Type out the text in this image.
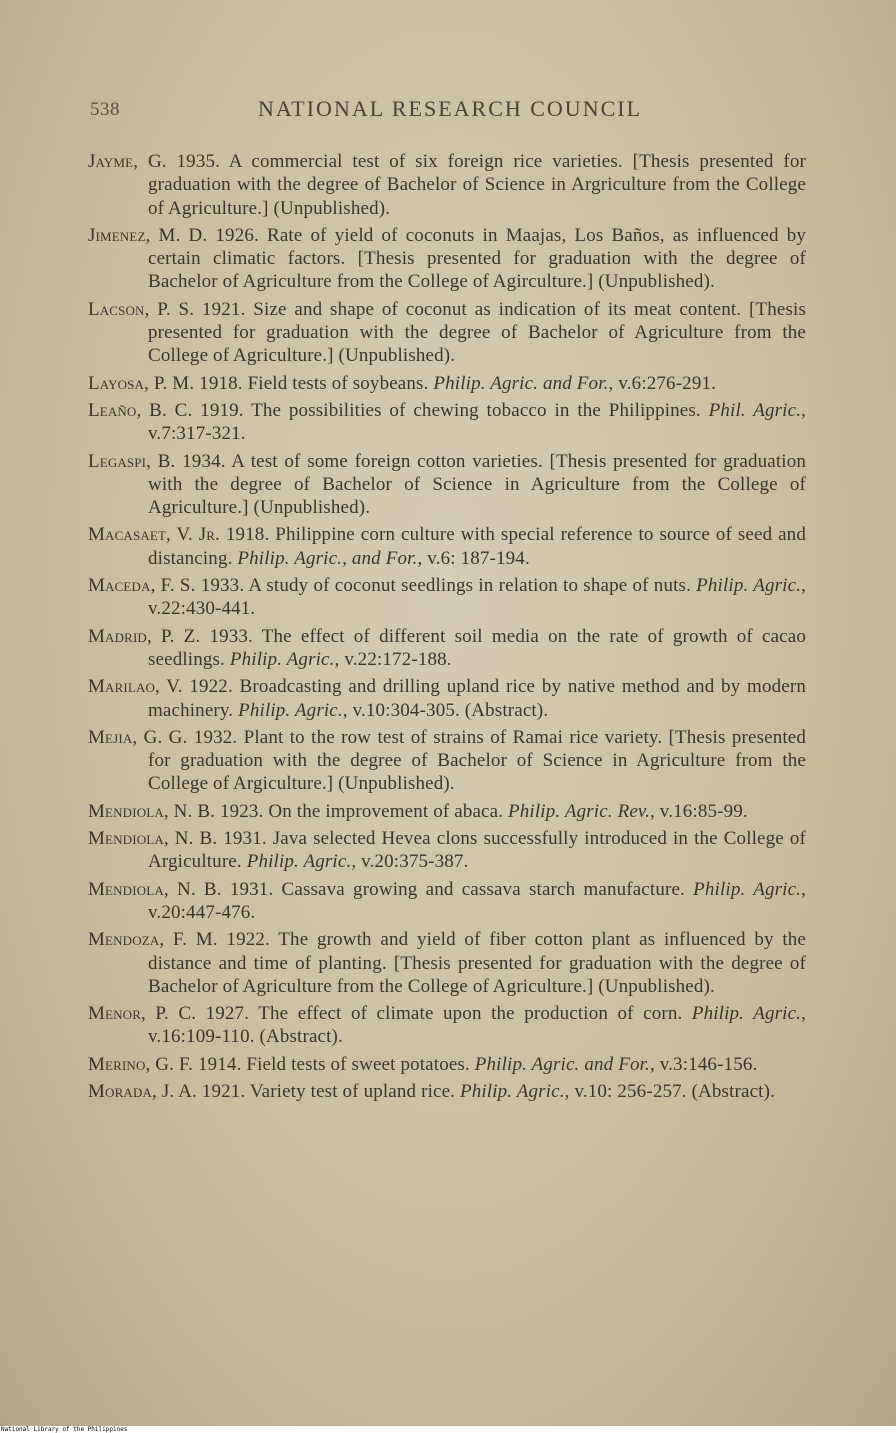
538	NATIONAL RESEARCH COUNCIL

Jayme, G. 1935. A commercial test of six foreign rice varieties. [Thesis presented for graduation with the degree of Bachelor of Science in Argriculture from the College of Agriculture.] (Unpublished).

Jimenez, M. D. 1926. Rate of yield of coconuts in Maajas, Los Baños, as influenced by certain climatic factors. [Thesis presented for graduation with the degree of Bachelor of Agriculture from the College of Agirculture.] (Unpublished).

Lacson, P. S. 1921. Size and shape of coconut as indication of its meat content. [Thesis presented for graduation with the degree of Bachelor of Agriculture from the College of Agriculture.] (Unpublished).

Layosa, P. M. 1918. Field tests of soybeans. Philip. Agric. and For., v.6:276-291.

Leaño, B. C. 1919. The possibilities of chewing tobacco in the Philippines. Phil. Agric., v.7:317-321.

Legaspi, B. 1934. A test of some foreign cotton varieties. [Thesis presented for graduation with the degree of Bachelor of Science in Agriculture from the College of Agriculture.] (Unpublished).

Macasaet, V. Jr. 1918. Philippine corn culture with special reference to source of seed and distancing. Philip. Agric., and For., v.6: 187-194.

Maceda, F. S. 1933. A study of coconut seedlings in relation to shape of nuts. Philip. Agric., v.22:430-441.

Madrid, P. Z. 1933. The effect of different soil media on the rate of growth of cacao seedlings. Philip. Agric., v.22:172-188.

Marilao, V. 1922. Broadcasting and drilling upland rice by native method and by modern machinery. Philip. Agric., v.10:304-305. (Abstract).

Mejia, G. G. 1932. Plant to the row test of strains of Ramai rice variety. [Thesis presented for graduation with the degree of Bachelor of Science in Agriculture from the College of Argiculture.] (Unpublished).

Mendiola, N. B. 1923. On the improvement of abaca. Philip. Agric. Rev., v.16:85-99.

Mendiola, N. B. 1931. Java selected Hevea clons successfully introduced in the College of Argiculture. Philip. Agric., v.20:375-387.

Mendiola, N. B. 1931. Cassava growing and cassava starch manufacture. Philip. Agric., v.20:447-476.

Mendoza, F. M. 1922. The growth and yield of fiber cotton plant as influenced by the distance and time of planting. [Thesis presented for graduation with the degree of Bachelor of Agriculture from the College of Agriculture.] (Unpublished).

Menor, P. C. 1927. The effect of climate upon the production of corn. Philip. Agric., v.16:109-110. (Abstract).

Merino, G. F. 1914. Field tests of sweet potatoes. Philip. Agric. and For., v.3:146-156.

Morada, J. A. 1921. Variety test of upland rice. Philip. Agric., v.10: 256-257. (Abstract).

National Library of the Philippines
